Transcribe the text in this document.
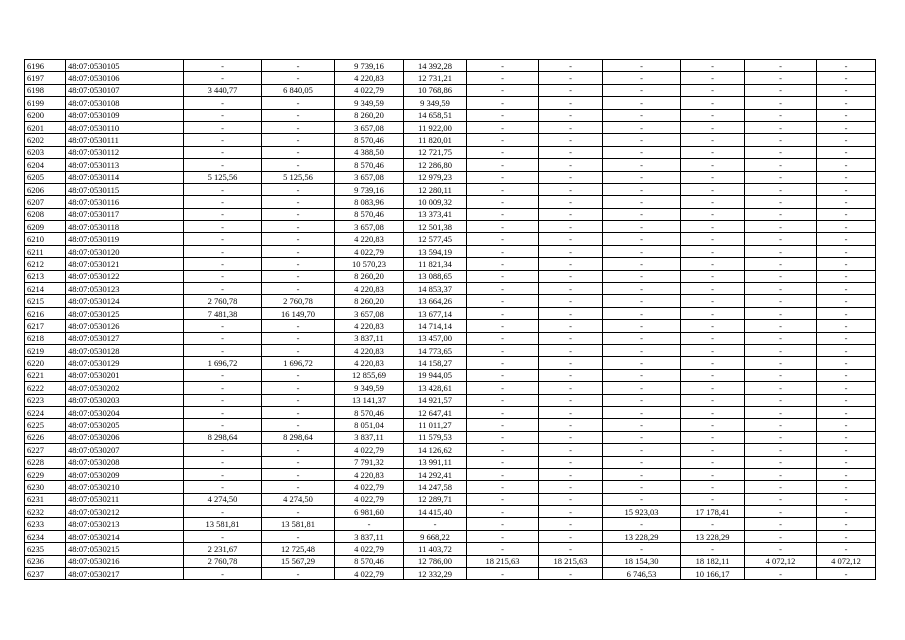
6196	48:07:0530105	-	-	9 739,16	14 392,28	-	-	-	-	-	-
6197	48:07:0530106	-	-	4 220,83	12 731,21	-	-	-	-	-	-
6198	48:07:0530107	3 440,77	6 840,05	4 022,79	10 768,86	-	-	-	-	-	-
6199	48:07:0530108	-	-	9 349,59	9 349,59	-	-	-	-	-	-
6200	48:07:0530109	-	-	8 260,20	14 658,51	-	-	-	-	-	-
6201	48:07:0530110	-	-	3 657,08	11 922,00	-	-	-	-	-	-
6202	48:07:0530111	-	-	8 570,46	11 820,01	-	-	-	-	-	-
6203	48:07:0530112	-	-	4 388,50	12 721,75	-	-	-	-	-	-
6204	48:07:0530113	-	-	8 570,46	12 286,80	-	-	-	-	-	-
6205	48:07:0530114	5 125,56	5 125,56	3 657,08	12 979,23	-	-	-	-	-	-
6206	48:07:0530115	-	-	9 739,16	12 280,11	-	-	-	-	-	-
6207	48:07:0530116	-	-	8 083,96	10 009,32	-	-	-	-	-	-
6208	48:07:0530117	-	-	8 570,46	13 373,41	-	-	-	-	-	-
6209	48:07:0530118	-	-	3 657,08	12 501,38	-	-	-	-	-	-
6210	48:07:0530119	-	-	4 220,83	12 577,45	-	-	-	-	-	-
6211	48:07:0530120	-	-	4 022,79	13 594,19	-	-	-	-	-	-
6212	48:07:0530121	-	-	10 570,23	11 821,34	-	-	-	-	-	-
6213	48:07:0530122	-	-	8 260,20	13 088,65	-	-	-	-	-	-
6214	48:07:0530123	-	-	4 220,83	14 853,37	-	-	-	-	-	-
6215	48:07:0530124	2 760,78	2 760,78	8 260,20	13 664,26	-	-	-	-	-	-
6216	48:07:0530125	7 481,38	16 149,70	3 657,08	13 677,14	-	-	-	-	-	-
6217	48:07:0530126	-	-	4 220,83	14 714,14	-	-	-	-	-	-
6218	48:07:0530127	-	-	3 837,11	13 457,00	-	-	-	-	-	-
6219	48:07:0530128	-	-	4 220,83	14 773,65	-	-	-	-	-	-
6220	48:07:0530129	1 696,72	1 696,72	4 220,83	14 158,27	-	-	-	-	-	-
6221	48:07:0530201	-	-	12 855,69	19 944,05	-	-	-	-	-	-
6222	48:07:0530202	-	-	9 349,59	13 428,61	-	-	-	-	-	-
6223	48:07:0530203	-	-	13 141,37	14 921,57	-	-	-	-	-	-
6224	48:07:0530204	-	-	8 570,46	12 647,41	-	-	-	-	-	-
6225	48:07:0530205	-	-	8 051,04	11 011,27	-	-	-	-	-	-
6226	48:07:0530206	8 298,64	8 298,64	3 837,11	11 579,53	-	-	-	-	-	-
6227	48:07:0530207	-	-	4 022,79	14 126,62	-	-	-	-	-	-
6228	48:07:0530208	-	-	7 791,32	13 991,11	-	-	-	-	-	-
6229	48:07:0530209	-	-	4 220,83	14 292,41	-	-	-	-	-	-
6230	48:07:0530210	-	-	4 022,79	14 247,58	-	-	-	-	-	-
6231	48:07:0530211	4 274,50	4 274,50	4 022,79	12 289,71	-	-	-	-	-	-
6232	48:07:0530212	-	-	6 981,60	14 415,40	-	-	15 923,03	17 178,41	-	-
6233	48:07:0530213	13 581,81	13 581,81	-	-	-	-	-	-	-	-
6234	48:07:0530214	-	-	3 837,11	9 668,22	-	-	13 228,29	13 228,29	-	-
6235	48:07:0530215	2 231,67	12 725,48	4 022,79	11 403,72	-	-	-	-	-	-
6236	48:07:0530216	2 760,78	15 567,29	8 570,46	12 786,00	18 215,63	18 215,63	18 154,30	18 182,11	4 072,12	4 072,12
6237	48:07:0530217	-	-	4 022,79	12 332,29	-	-	6 746,53	10 166,17	-	-
